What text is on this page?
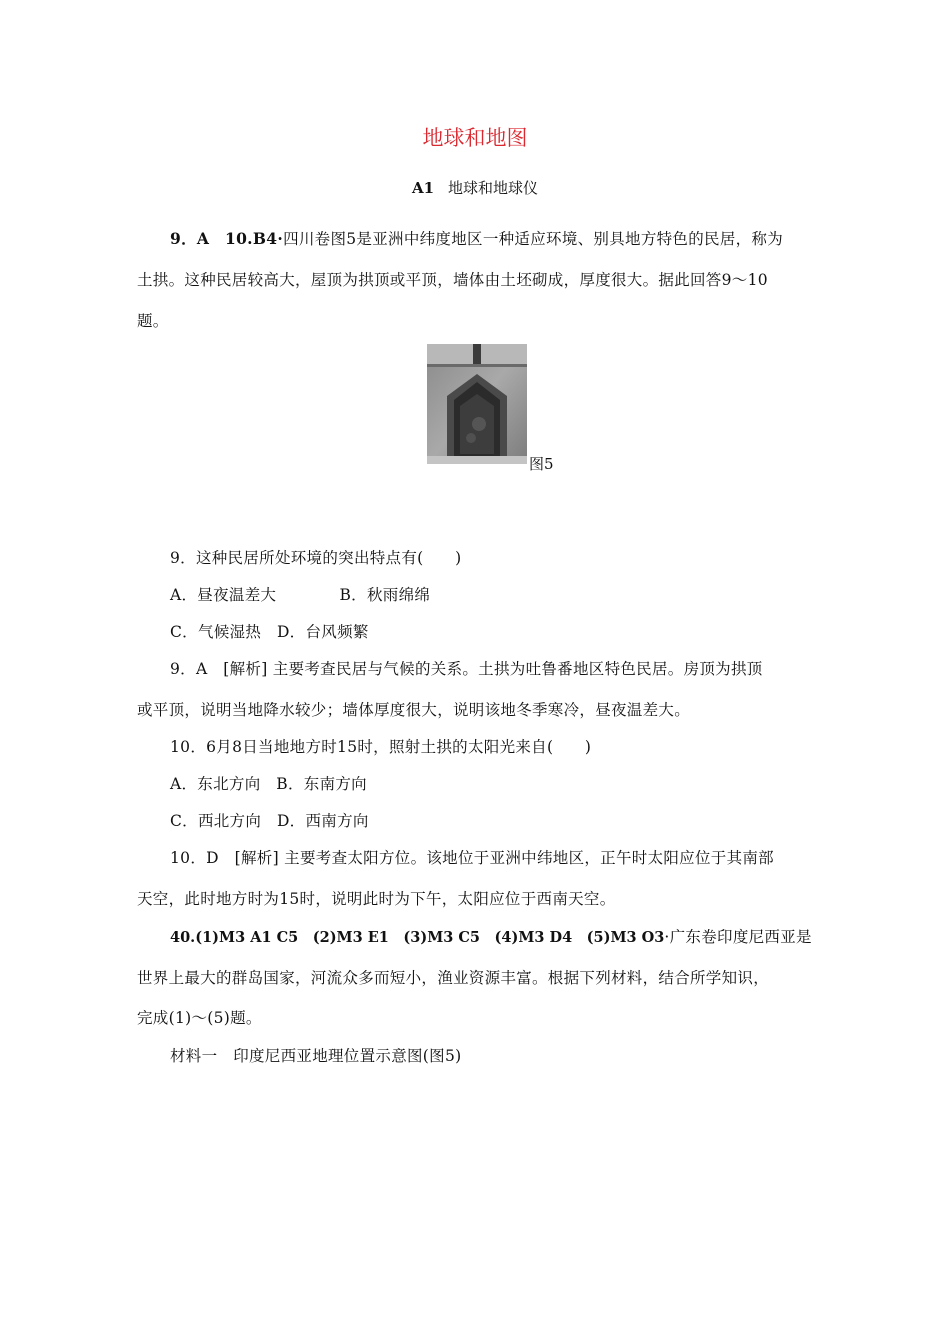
地球和地图
A1 地球和地球仪
9．A　10.B4·四川卷图5是亚洲中纬度地区一种适应环境、别具地方特色的民居，称为
土拱。这种民居较高大，屋顶为拱顶或平顶，墙体由土坯砌成，厚度很大。据此回答9～10
题。
图5
9．这种民居所处环境的突出特点有(　　)
A．昼夜温差大　　　　B．秋雨绵绵
C．气候湿热　D．台风频繁
9．A　[解析] 主要考查民居与气候的关系。土拱为吐鲁番地区特色民居。房顶为拱顶
或平顶，说明当地降水较少；墙体厚度很大，说明该地冬季寒冷，昼夜温差大。
10．6月8日当地地方时15时，照射土拱的太阳光来自(　　)
A．东北方向　B．东南方向
C．西北方向　D．西南方向
10．D　[解析] 主要考查太阳方位。该地位于亚洲中纬地区，正午时太阳应位于其南部
天空，此时地方时为15时，说明此时为下午，太阳应位于西南天空。
40.(1)M3 A1 C5　(2)M3 E1　(3)M3 C5　(4)M3 D4　(5)M3 O3·广东卷印度尼西亚是
世界上最大的群岛国家，河流众多而短小，渔业资源丰富。根据下列材料，结合所学知识，
完成(1)～(5)题。
材料一　印度尼西亚地理位置示意图(图5)
